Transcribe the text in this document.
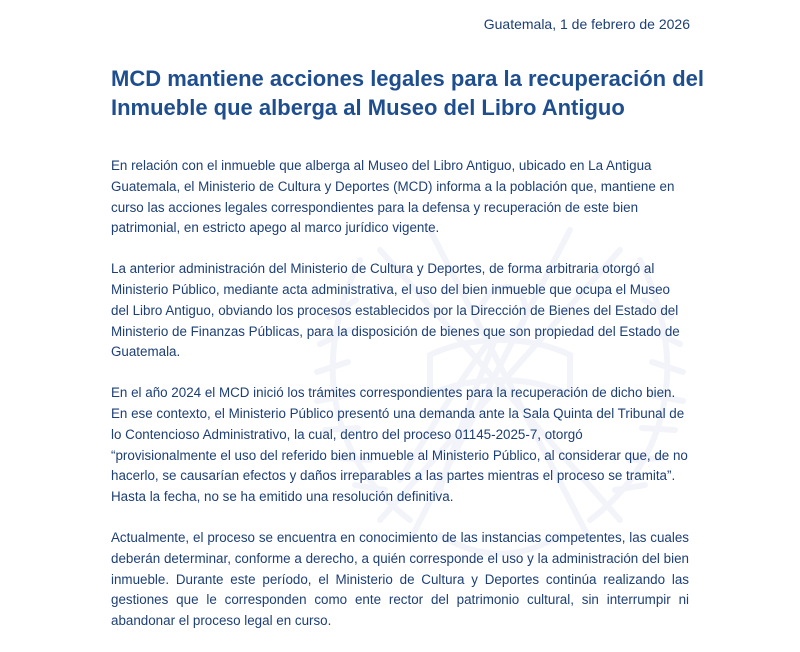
Guatemala, 1 de febrero de 2026
MCD mantiene acciones legales para la recuperación del Inmueble que alberga al Museo del Libro Antiguo

En relación con el inmueble que alberga al Museo del Libro Antiguo, ubicado en La Antigua Guatemala, el Ministerio de Cultura y Deportes (MCD) informa a la población que, mantiene en curso las acciones legales correspondientes para la defensa y recuperación de este bien patrimonial, en estricto apego al marco jurídico vigente.

La anterior administración del Ministerio de Cultura y Deportes, de forma arbitraria otorgó al Ministerio Público, mediante acta administrativa, el uso del bien inmueble que ocupa el Museo del Libro Antiguo, obviando los procesos establecidos por la Dirección de Bienes del Estado del Ministerio de Finanzas Públicas, para la disposición de bienes que son propiedad del Estado de Guatemala.

En el año 2024 el MCD inició los trámites correspondientes para la recuperación de dicho bien. En ese contexto, el Ministerio Público presentó una demanda ante la Sala Quinta del Tribunal de lo Contencioso Administrativo, la cual, dentro del proceso 01145-2025-7, otorgó “provisionalmente el uso del referido bien inmueble al Ministerio Público, al considerar que, de no hacerlo, se causarían efectos y daños irreparables a las partes mientras el proceso se tramita”. Hasta la fecha, no se ha emitido una resolución definitiva.

Actualmente, el proceso se encuentra en conocimiento de las instancias competentes, las cuales deberán determinar, conforme a derecho, a quién corresponde el uso y la administración del bien inmueble. Durante este período, el Ministerio de Cultura y Deportes continúa realizando las gestiones que le corresponden como ente rector del patrimonio cultural, sin interrumpir ni abandonar el proceso legal en curso.
